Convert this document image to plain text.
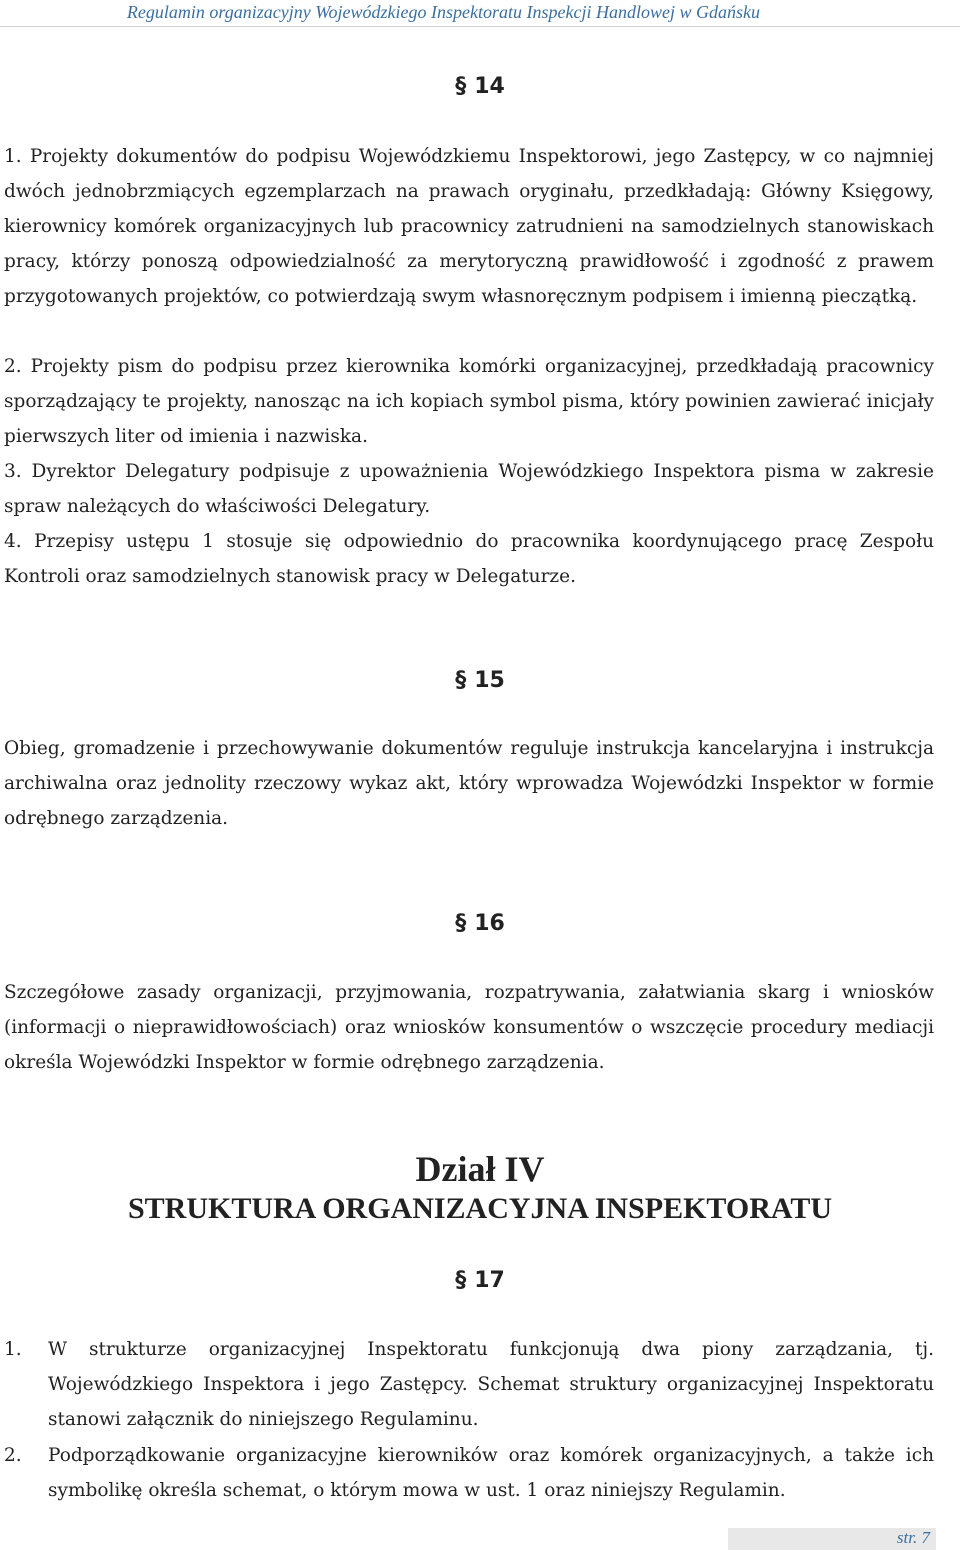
Regulamin organizacyjny Wojewódzkiego Inspektoratu Inspekcji Handlowej w Gdańsku
§ 14
1. Projekty dokumentów do podpisu Wojewódzkiemu Inspektorowi, jego Zastępcy, w co najmniej dwóch jednobrzmiących egzemplarzach na prawach oryginału, przedkładają: Główny Księgowy, kierownicy komórek organizacyjnych lub pracownicy zatrudnieni na samodzielnych stanowiskach pracy, którzy ponoszą odpowiedzialność za merytoryczną prawidłowość i zgodność z prawem przygotowanych projektów, co potwierdzają swym własnoręcznym podpisem i imienną pieczątką.
2. Projekty pism do podpisu przez kierownika komórki organizacyjnej, przedkładają pracownicy sporządzający te projekty, nanosząc na ich kopiach symbol pisma, który powinien zawierać inicjały pierwszych liter od imienia i nazwiska.
3. Dyrektor Delegatury podpisuje z upoważnienia Wojewódzkiego Inspektora pisma w zakresie spraw należących do właściwości Delegatury.
4. Przepisy ustępu 1 stosuje się odpowiednio do pracownika koordynującego pracę Zespołu Kontroli oraz samodzielnych stanowisk pracy w Delegaturze.
§ 15
Obieg, gromadzenie i przechowywanie dokumentów reguluje instrukcja kancelaryjna i instrukcja archiwalna oraz jednolity rzeczowy wykaz akt, który wprowadza Wojewódzki Inspektor w formie odrębnego zarządzenia.
§ 16
Szczegółowe zasady organizacji, przyjmowania, rozpatrywania, załatwiania skarg i wniosków (informacji o nieprawidłowościach) oraz wniosków konsumentów o wszczęcie procedury mediacji określa Wojewódzki Inspektor w formie odrębnego zarządzenia.
Dział IV
STRUKTURA ORGANIZACYJNA INSPEKTORATU
§ 17
1. W strukturze organizacyjnej Inspektoratu funkcjonują dwa piony zarządzania, tj. Wojewódzkiego Inspektora i jego Zastępcy. Schemat struktury organizacyjnej Inspektoratu stanowi załącznik do niniejszego Regulaminu.
2. Podporządkowanie organizacyjne kierowników oraz komórek organizacyjnych, a także ich symbolikę określa schemat, o którym mowa w ust. 1 oraz niniejszy Regulamin.
str. 7
